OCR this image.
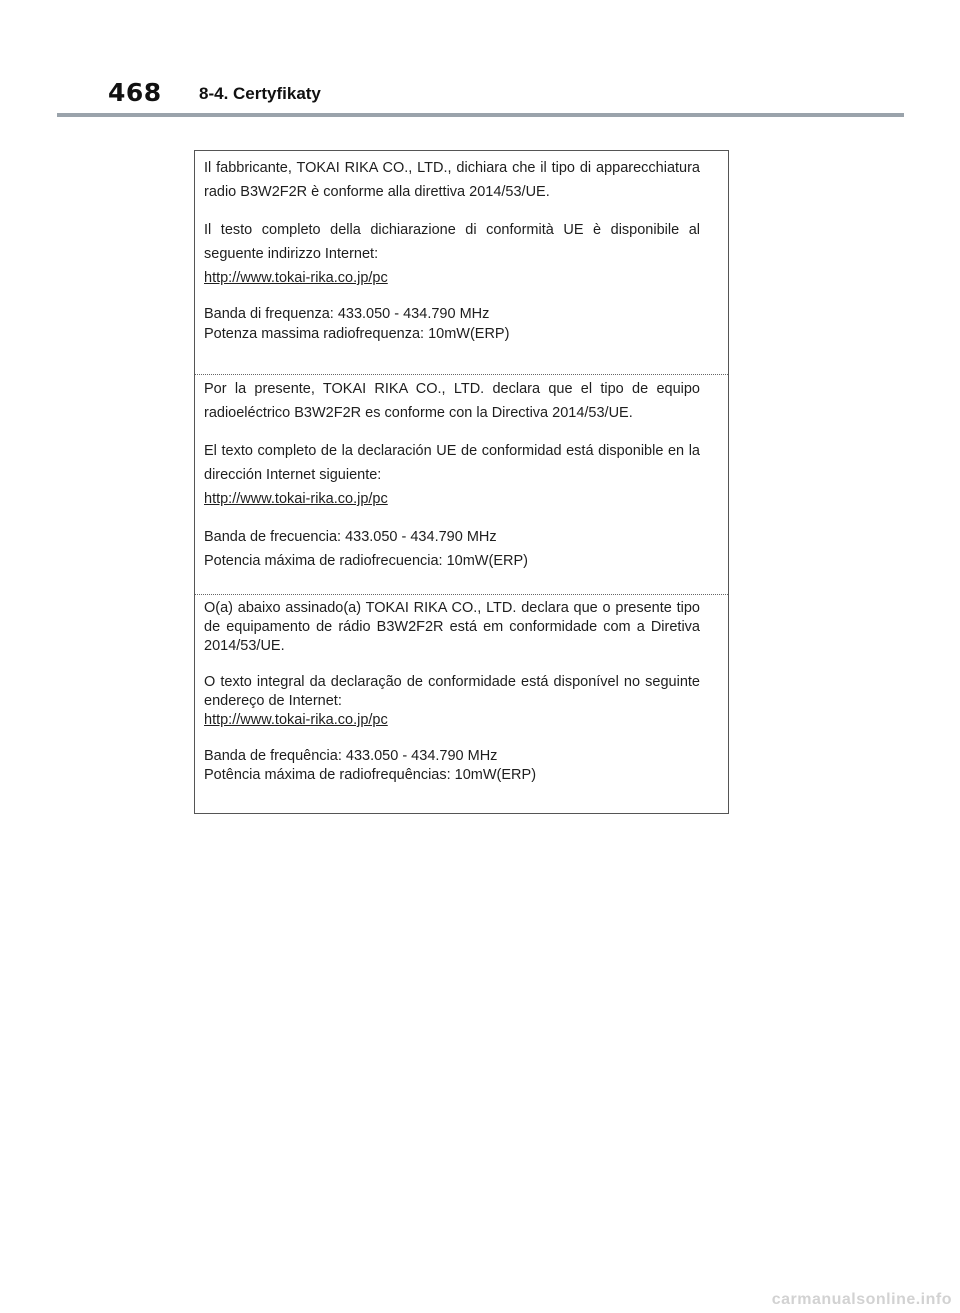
468 8-4. Certyfikaty

Il fabbricante, TOKAI RIKA CO., LTD., dichiara che il tipo di apparecchiatura radio B3W2F2R è conforme alla direttiva 2014/53/UE.

Il testo completo della dichiarazione di conformità UE è disponibile al seguente indirizzo Internet:

http://www.tokai-rika.co.jp/pc

Banda di frequenza: 433.050 - 434.790 MHz

Potenza massima radiofrequenza: 10mW(ERP)

Por la presente, TOKAI RIKA CO., LTD. declara que el tipo de equipo radioeléctrico B3W2F2R es conforme con la Directiva 2014/53/UE.

El texto completo de la declaración UE de conformidad está disponible en la dirección Internet siguiente:

http://www.tokai-rika.co.jp/pc

Banda de frecuencia: 433.050 - 434.790 MHz

Potencia máxima de radiofrecuencia: 10mW(ERP)

O(a) abaixo assinado(a) TOKAI RIKA CO., LTD. declara que o presente tipo de equipamento de rádio B3W2F2R está em conformidade com a Diretiva 2014/53/UE.

O texto integral da declaração de conformidade está disponível no seguinte endereço de Internet:

http://www.tokai-rika.co.jp/pc

Banda de frequência: 433.050 - 434.790 MHz

Potência máxima de radiofrequências: 10mW(ERP)

carmanualsonline.info
